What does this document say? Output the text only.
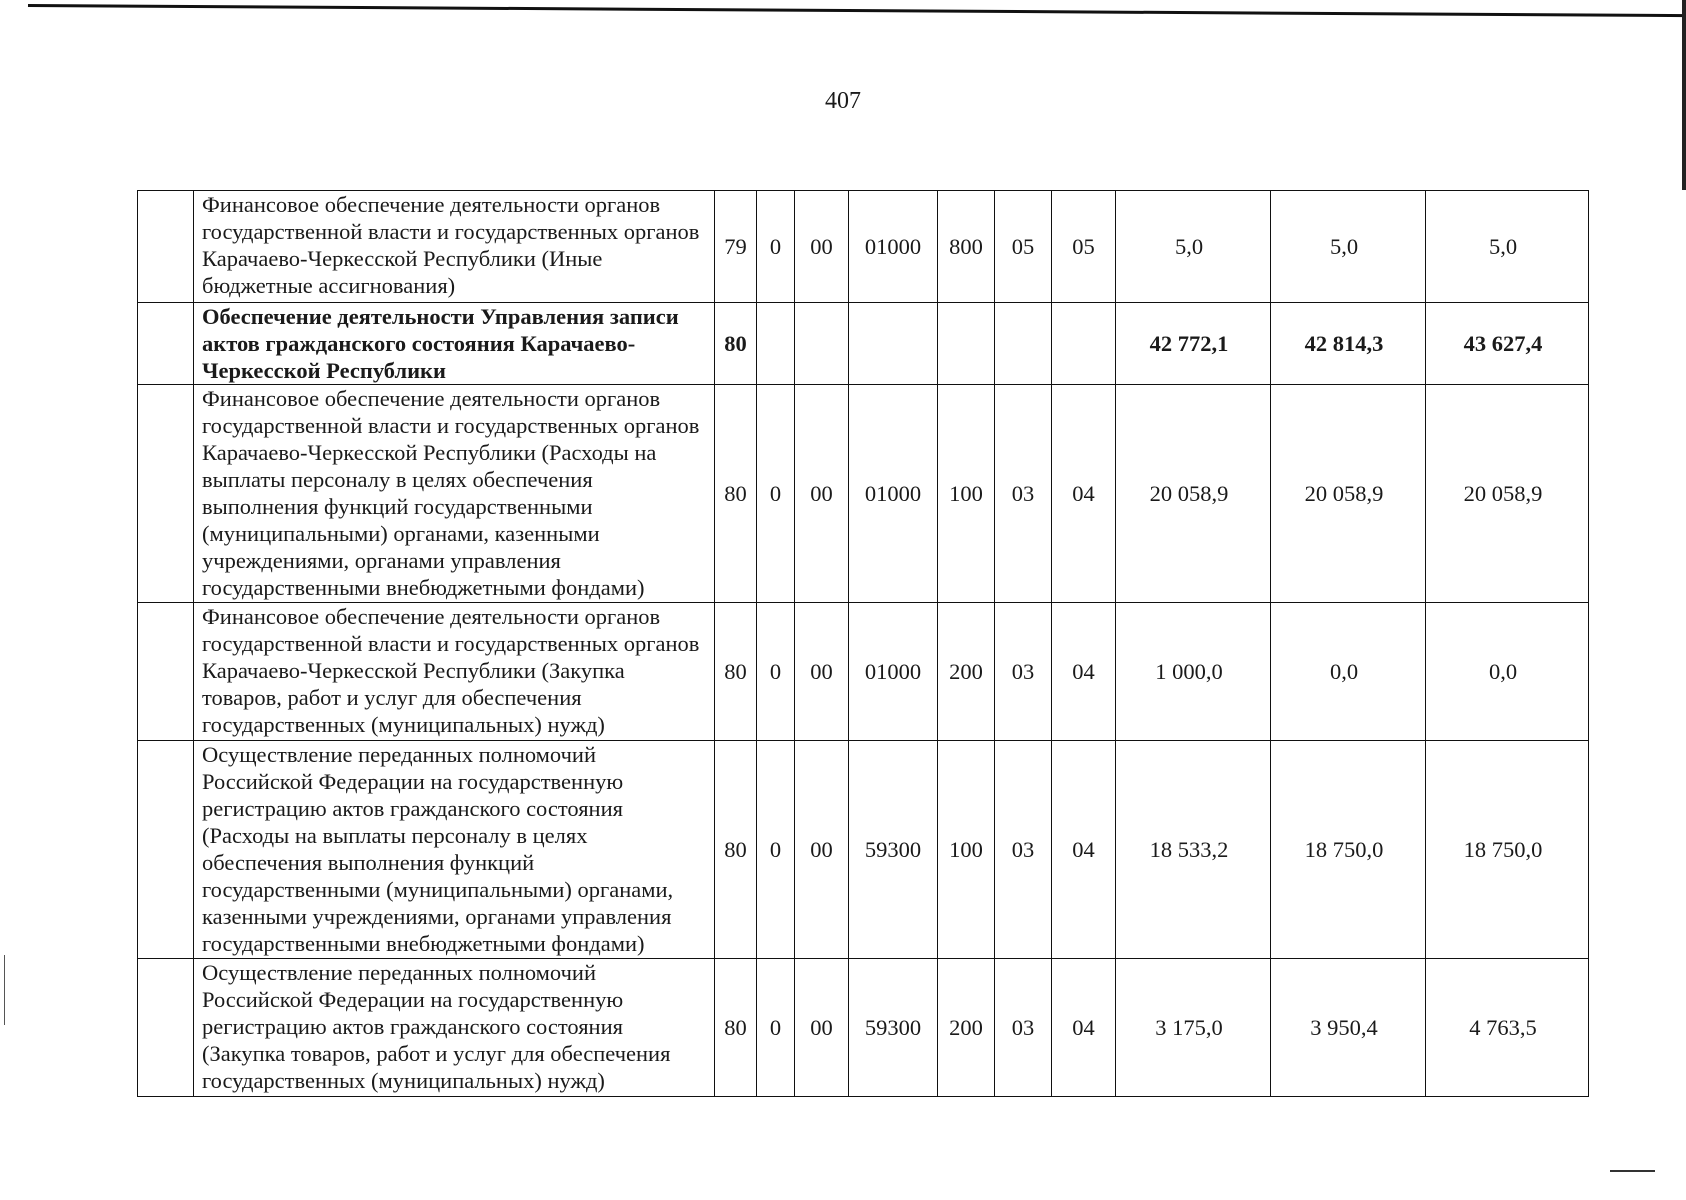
407
	Финансовое обеспечение деятельности органов государственной власти и государственных органов Карачаево-Черкесской Республики (Иные бюджетные ассигнования)	79	0	00	01000	800	05	05	5,0	5,0	5,0
	Обеспечение деятельности Управления записи актов гражданского состояния Карачаево-Черкесской Республики	80							42 772,1	42 814,3	43 627,4
	Финансовое обеспечение деятельности органов государственной власти и государственных органов Карачаево-Черкесской Республики (Расходы на выплаты персоналу в целях обеспечения выполнения функций государственными (муниципальными) органами, казенными учреждениями, органами управления государственными внебюджетными фондами)	80	0	00	01000	100	03	04	20 058,9	20 058,9	20 058,9
	Финансовое обеспечение деятельности органов государственной власти и государственных органов Карачаево-Черкесской Республики (Закупка товаров, работ и услуг для обеспечения государственных (муниципальных) нужд)	80	0	00	01000	200	03	04	1 000,0	0,0	0,0
	Осуществление переданных полномочий Российской Федерации на государственную регистрацию актов гражданского состояния (Расходы на выплаты персоналу в целях обеспечения выполнения функций государственными (муниципальными) органами, казенными учреждениями, органами управления государственными внебюджетными фондами)	80	0	00	59300	100	03	04	18 533,2	18 750,0	18 750,0
	Осуществление переданных полномочий Российской Федерации на государственную регистрацию актов гражданского состояния (Закупка товаров, работ и услуг для обеспечения государственных (муниципальных) нужд)	80	0	00	59300	200	03	04	3 175,0	3 950,4	4 763,5
